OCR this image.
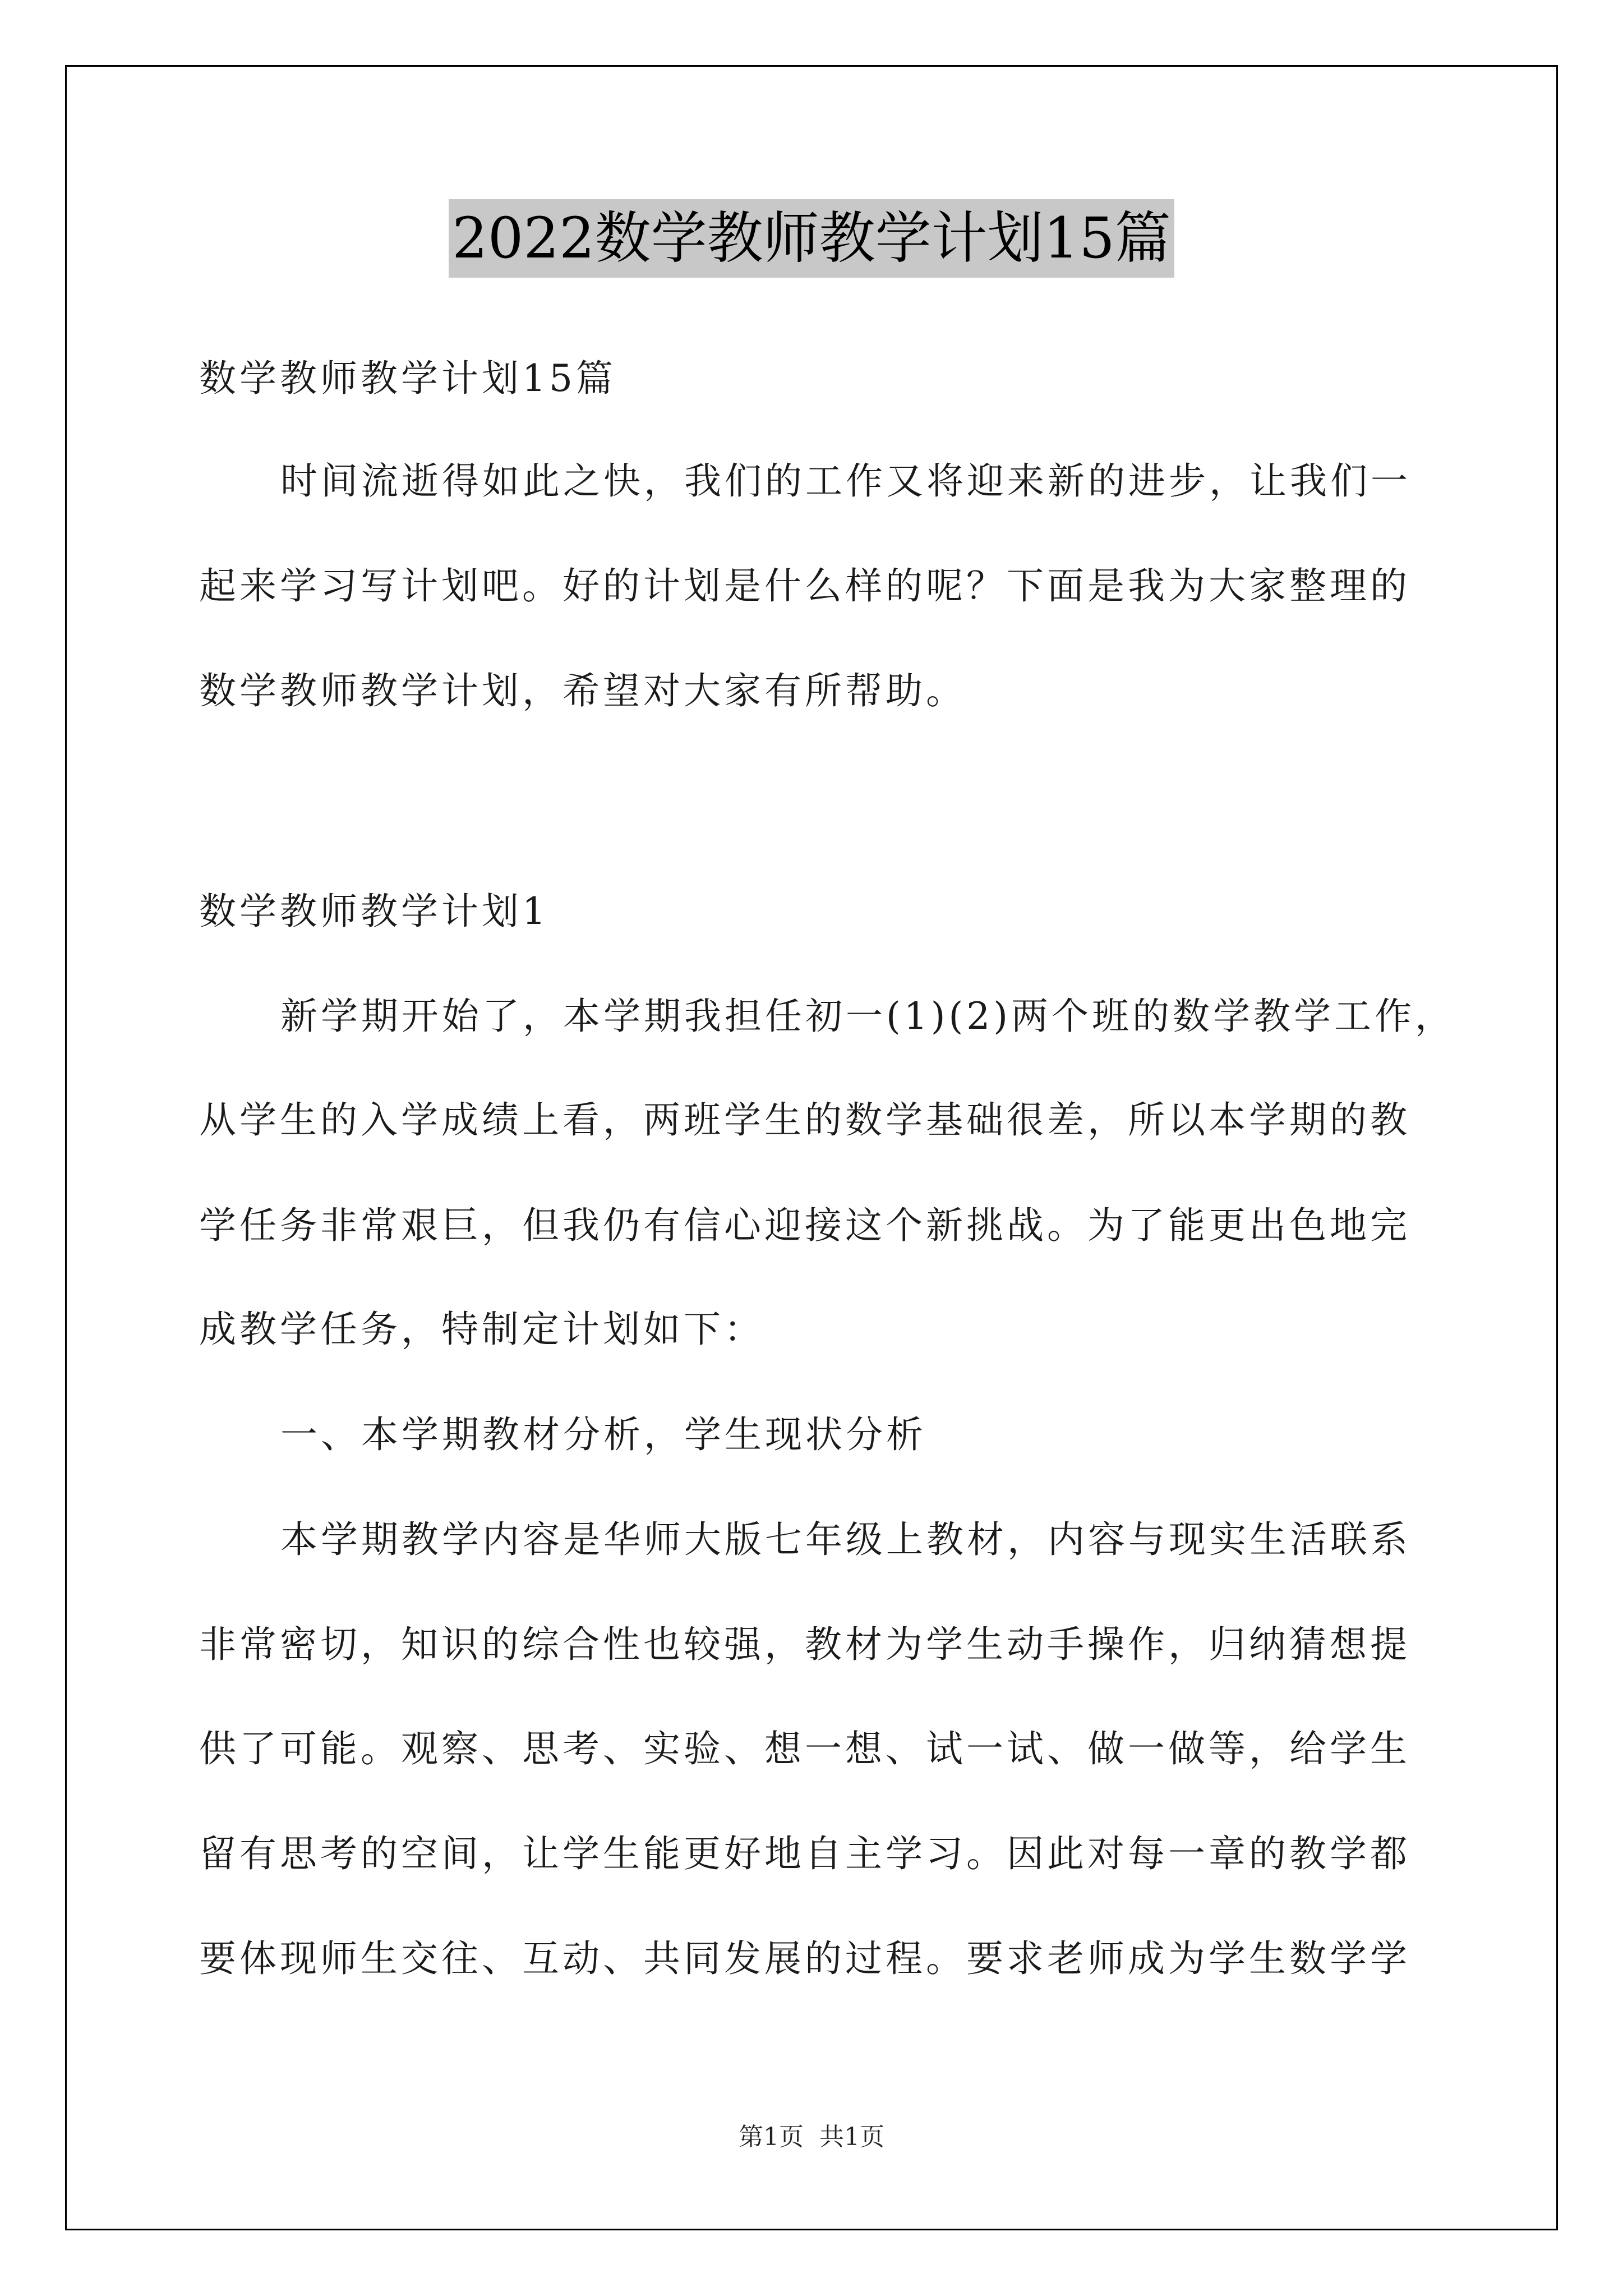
2022数学教师教学计划15篇
数学教师教学计划15篇
时间流逝得如此之快，我们的工作又将迎来新的进步，让我们一
起来学习写计划吧。好的计划是什么样的呢？下面是我为大家整理的
数学教师教学计划，希望对大家有所帮助。
数学教师教学计划1
新学期开始了，本学期我担任初一(1)(2)两个班的数学教学工作，
从学生的入学成绩上看，两班学生的数学基础很差，所以本学期的教
学任务非常艰巨，但我仍有信心迎接这个新挑战。为了能更出色地完
成教学任务，特制定计划如下：
一、本学期教材分析，学生现状分析
本学期教学内容是华师大版七年级上教材，内容与现实生活联系
非常密切，知识的综合性也较强，教材为学生动手操作，归纳猜想提
供了可能。观察、思考、实验、想一想、试一试、做一做等，给学生
留有思考的空间，让学生能更好地自主学习。因此对每一章的教学都
要体现师生交往、互动、共同发展的过程。要求老师成为学生数学学
第1页 共1页
